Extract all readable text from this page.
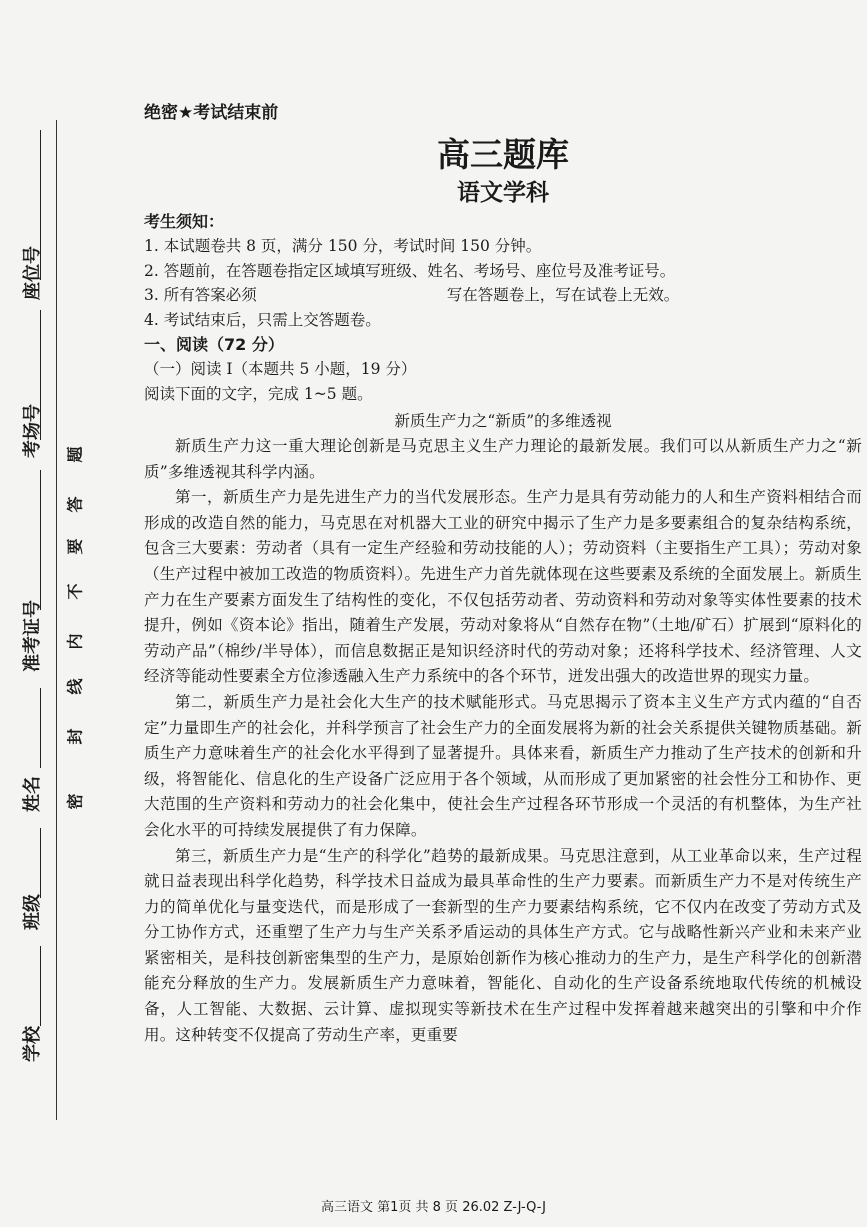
座位号
考场号
准考证号
姓名
班级
学校
题
答
要
不
内
线
封
密

绝密★考试结束前

高三题库

语文学科

考生须知：

1. 本试题卷共 8 页，满分 150 分，考试时间 150 分钟。

2. 答题前，在答题卷指定区域填写班级、姓名、考场号、座位号及准考证号。

3. 所有答案必须	写在答题卷上，写在试卷上无效。

4. 考试结束后，只需上交答题卷。

一、阅读（72 分）

（一）阅读 I（本题共 5 小题，19 分）

阅读下面的文字，完成 1~5 题。

新质生产力之“新质”的多维透视

新质生产力这一重大理论创新是马克思主义生产力理论的最新发展。我们可以从新质生产力之“新质”多维透视其科学内涵。

第一，新质生产力是先进生产力的当代发展形态。生产力是具有劳动能力的人和生产资料相结合而形成的改造自然的能力，马克思在对机器大工业的研究中揭示了生产力是多要素组合的复杂结构系统，包含三大要素：劳动者（具有一定生产经验和劳动技能的人）；劳动资料（主要指生产工具）；劳动对象（生产过程中被加工改造的物质资料）。先进生产力首先就体现在这些要素及系统的全面发展上。新质生产力在生产要素方面发生了结构性的变化，不仅包括劳动者、劳动资料和劳动对象等实体性要素的技术提升，例如《资本论》指出，随着生产发展，劳动对象将从“自然存在物”（土地/矿石）扩展到“原料化的劳动产品”（棉纱/半导体），而信息数据正是知识经济时代的劳动对象；还将科学技术、经济管理、人文经济等能动性要素全方位渗透融入生产力系统中的各个环节，迸发出强大的改造世界的现实力量。

第二，新质生产力是社会化大生产的技术赋能形式。马克思揭示了资本主义生产方式内蕴的“自否定”力量即生产的社会化，并科学预言了社会生产力的全面发展将为新的社会关系提供关键物质基础。新质生产力意味着生产的社会化水平得到了显著提升。具体来看，新质生产力推动了生产技术的创新和升级，将智能化、信息化的生产设备广泛应用于各个领域，从而形成了更加紧密的社会性分工和协作、更大范围的生产资料和劳动力的社会化集中，使社会生产过程各环节形成一个灵活的有机整体，为生产社会化水平的可持续发展提供了有力保障。

第三，新质生产力是“生产的科学化”趋势的最新成果。马克思注意到，从工业革命以来，生产过程就日益表现出科学化趋势，科学技术日益成为最具革命性的生产力要素。而新质生产力不是对传统生产力的简单优化与量变迭代，而是形成了一套新型的生产力要素结构系统，它不仅内在改变了劳动方式及分工协作方式，还重塑了生产力与生产关系矛盾运动的具体生产方式。它与战略性新兴产业和未来产业紧密相关，是科技创新密集型的生产力，是原始创新作为核心推动力的生产力，是生产科学化的创新潜能充分释放的生产力。发展新质生产力意味着，智能化、自动化的生产设备系统地取代传统的机械设备，人工智能、大数据、云计算、虚拟现实等新技术在生产过程中发挥着越来越突出的引擎和中介作用。这种转变不仅提高了劳动生产率，更重要

高三语文 第1页 共 8 页 26.02 Z-J-Q-J
